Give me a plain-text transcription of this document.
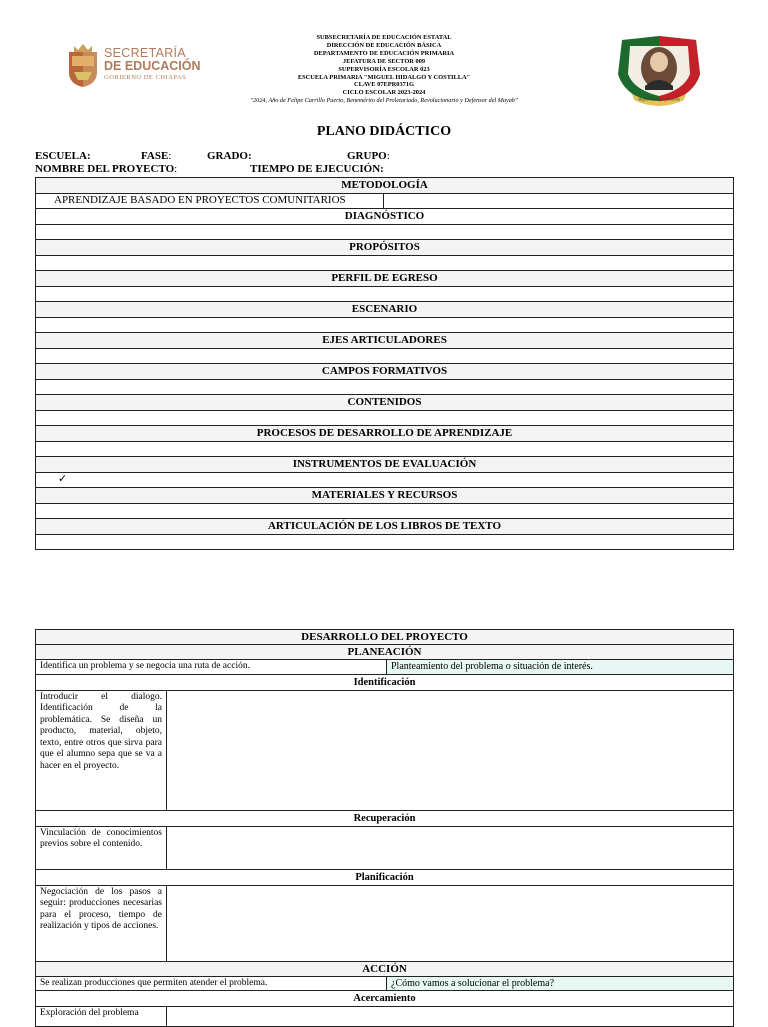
SECRETARÍA
DE EDUCACIÓN
GOBIERNO DE CHIAPAS
SUBSECRETARÍA DE EDUCACIÓN ESTATAL
DIRECCIÓN DE EDUCACIÓN BÁSICA
DEPARTAMENTO DE EDUCACIÓN PRIMARIA
JEFATURA DE SECTOR 009
SUPERVISORÍA ESCOLAR 023
ESCUELA PRIMARIA "MIGUEL HIDALGO Y COSTILLA"
CLAVE 07EPR0371G
CICLO ESCOLAR 2023-2024
"2024, Año de Felipe Carrillo Puerto, Benemérito del Proletariado, Revolucionario y Defensor del Mayab"	Miguel Hidalgo y Costilla
PLANO DIDÁCTICO
ESCUELA:	FASE:	GRADO:	GRUPO:
NOMBRE DEL PROYECTO:	TIEMPO DE EJECUCIÓN:
METODOLOGÍA
APRENDIZAJE BASADO EN PROYECTOS COMUNITARIOS	
DIAGNÓSTICO

PROPÓSITOS

PERFIL DE EGRESO

ESCENARIO

EJES ARTICULADORES

CAMPOS FORMATIVOS

CONTENIDOS

PROCESOS DE DESARROLLO DE APRENDIZAJE

INSTRUMENTOS DE EVALUACIÓN
✓
MATERIALES Y RECURSOS

ARTICULACIÓN DE LOS LIBROS DE TEXTO

DESARROLLO DEL PROYECTO		
PLANEACIÓN		
Identifica un problema y se negocia una ruta de acción.		Planteamiento del problema o situación de interés.
Identificación		
Introducir el dialogo. Identificación de la problemática. Se diseña un producto, material, objeto, texto, entre otros que sirva para que el alumno sepa que se va a hacer en el proyecto.		
Recuperación		
Vinculación de conocimientos previos sobre el contenido.		
Planificación		
Negociación de los pasos a seguir: producciones necesarias para el proceso, tiempo de realización y tipos de acciones.		
ACCIÓN		
Se realizan producciones que permiten atender el problema.		¿Cómo vamos a solucionar el problema?
Acercamiento		
Exploración del problema		
